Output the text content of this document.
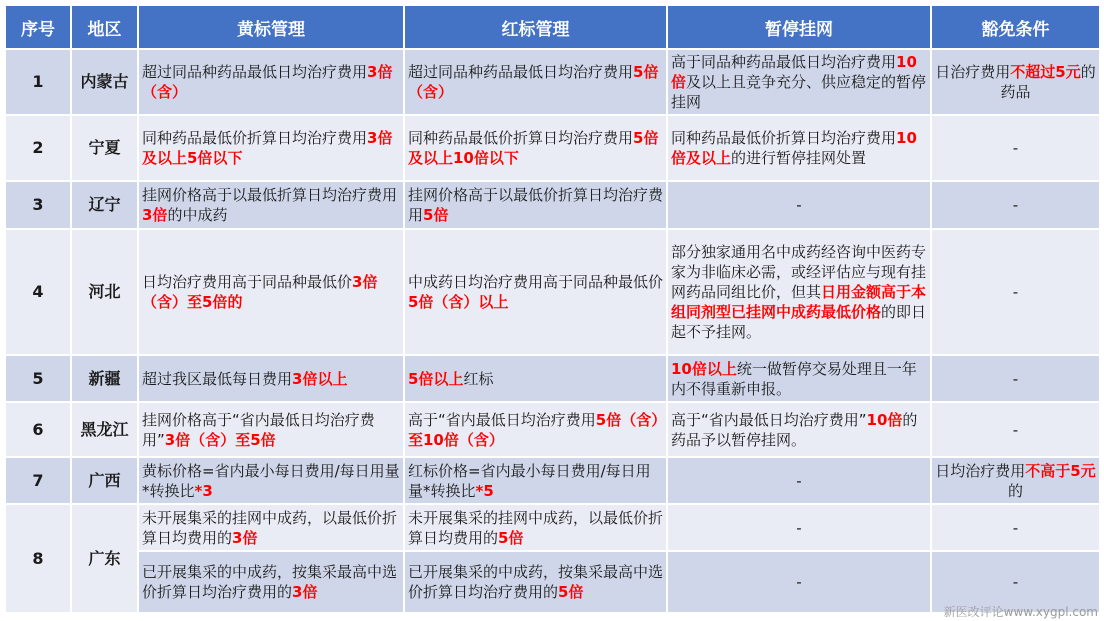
序号	地区	黄标管理	红标管理	暂停挂网	豁免条件
1	内蒙古	超过同品种药品最低日均治疗费用3倍（含）	超过同品种药品最低日均治疗费用5倍（含）	高于同品种药品最低日均治疗费用10倍及以上且竞争充分、供应稳定的暂停挂网	日治疗费用不超过5元的药品
2	宁夏	同种药品最低价折算日均治疗费用3倍及以上5倍以下	同种药品最低价折算日均治疗费用5倍及以上10倍以下	同种药品最低价折算日均治疗费用10倍及以上的进行暂停挂网处置	-
3	辽宁	挂网价格高于以最低折算日均治疗费用3倍的中成药	挂网价格高于以最低价折算日均治疗费用5倍	-	-
4	河北	日均治疗费用高于同品种最低价3倍（含）至5倍的	中成药日均治疗费用高于同品种最低价5倍（含）以上	部分独家通用名中成药经咨询中医药专家为非临床必需，或经评估应与现有挂网药品同组比价，但其日用金额高于本组同剂型已挂网中成药最低价格的即日起不予挂网。	-
5	新疆	超过我区最低每日费用3倍以上	5倍以上红标	10倍以上统一做暂停交易处理且一年内不得重新申报。	-
6	黑龙江	挂网价格高于“省内最低日均治疗费用”3倍（含）至5倍	高于“省内最低日均治疗费用5倍（含）至10倍（含）	高于“省内最低日均治疗费用”10倍的药品予以暂停挂网。	-
7	广西	黄标价格=省内最小每日费用/每日用量*转换比*3	红标价格=省内最小每日费用/每日用量*转换比*5	-	日均治疗费用不高于5元的
8	广东	未开展集采的挂网中成药，以最低价折算日均费用的3倍	未开展集采的挂网中成药，以最低价折算日均费用的5倍	-	-
		已开展集采的中成药，按集采最高中选价折算日均治疗费用的3倍	已开展集采的中成药，按集采最高中选价折算日均治疗费用的5倍	-	-
新医改评论www.xygpl.com
